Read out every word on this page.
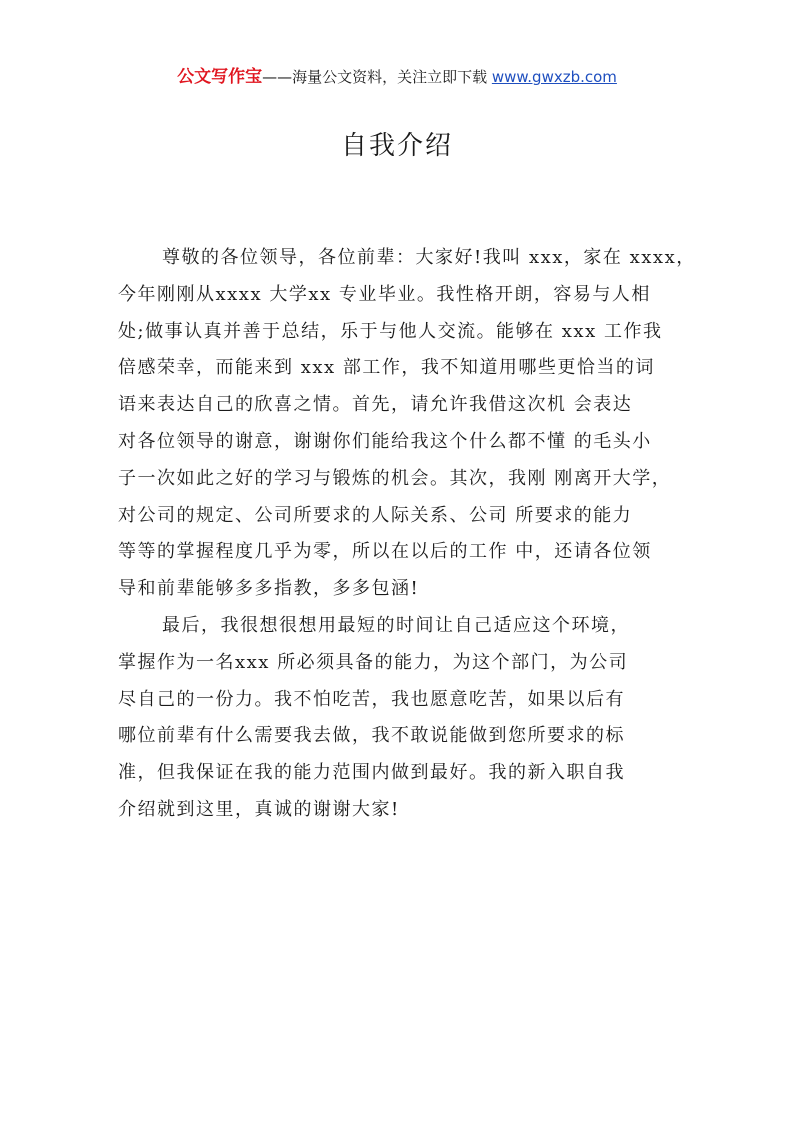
公文写作宝——海量公文资料，关注立即下载 www.gwxzb.com
自我介绍
尊敬的各位领导，各位前辈：大家好!我叫 xxx，家在 xxxx，
今年刚刚从xxxx 大学xx 专业毕业。我性格开朗，容易与人相
处;做事认真并善于总结，乐于与他人交流。能够在 xxx 工作我
倍感荣幸，而能来到 xxx 部工作，我不知道用哪些更恰当的词
语来表达自己的欣喜之情。首先，请允许我借这次机 会表达
对各位领导的谢意，谢谢你们能给我这个什么都不懂 的毛头小
子一次如此之好的学习与锻炼的机会。其次，我刚 刚离开大学，
对公司的规定、公司所要求的人际关系、公司 所要求的能力
等等的掌握程度几乎为零，所以在以后的工作 中，还请各位领
导和前辈能够多多指教，多多包涵!
最后，我很想很想用最短的时间让自己适应这个环境，
掌握作为一名xxx 所必须具备的能力，为这个部门，为公司
尽自己的一份力。我不怕吃苦，我也愿意吃苦，如果以后有
哪位前辈有什么需要我去做，我不敢说能做到您所要求的标
准，但我保证在我的能力范围内做到最好。我的新入职自我
介绍就到这里，真诚的谢谢大家!
